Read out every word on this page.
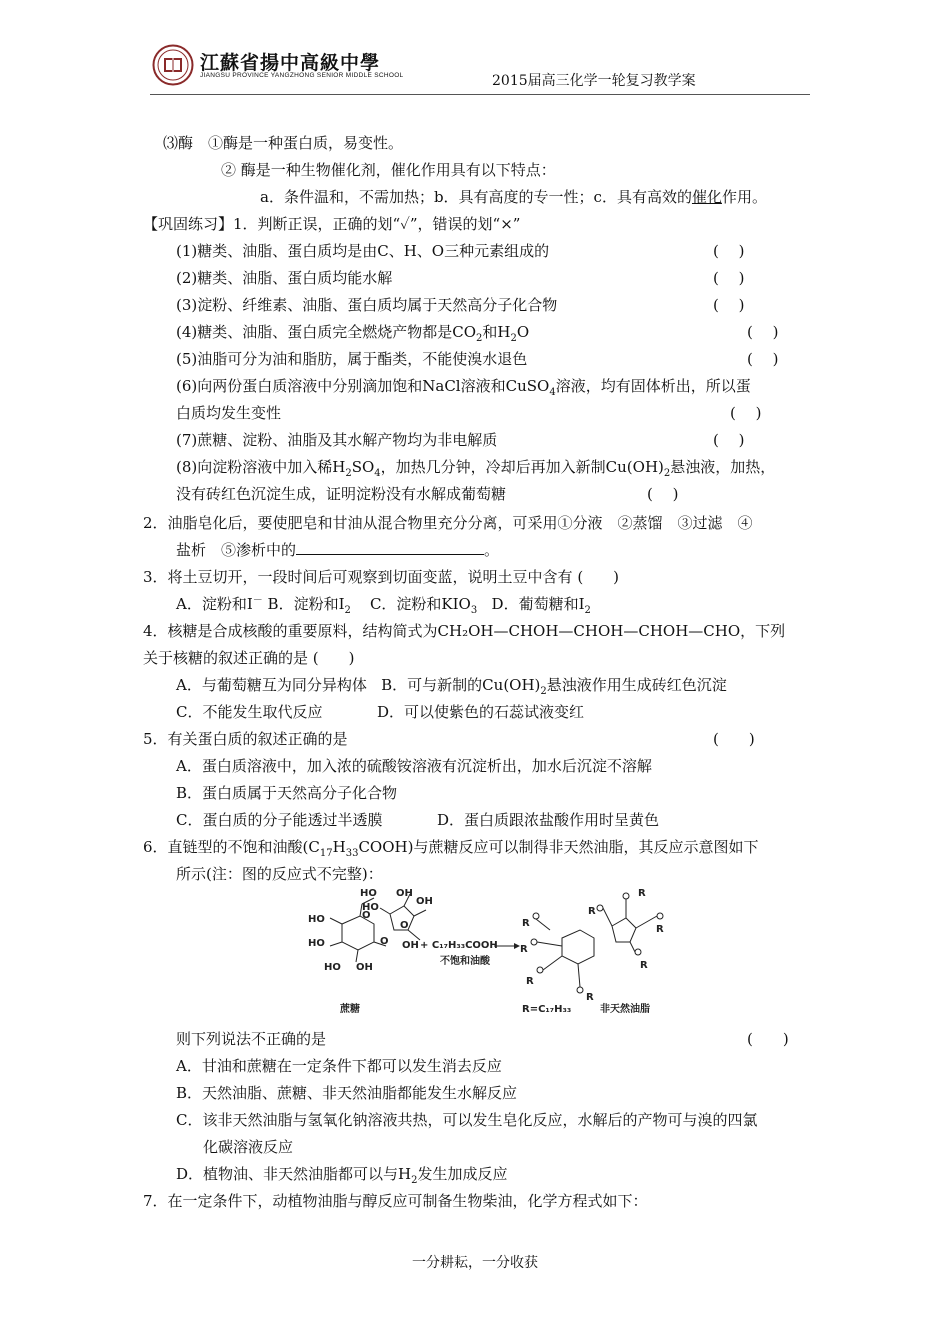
江蘇省揚中高級中學
JIANGSU PROVINCE YANGZHONG SENIOR MIDDLE SCHOOL	2015届高三化学一轮复习教学案
⑶酶　①酶是一种蛋白质，易变性。
② 酶是一种生物催化剂，催化作用具有以下特点：
a．条件温和，不需加热；b．具有高度的专一性；c．具有高效的催化作用。
【巩固练习】1．判断正误，正确的划“✓”，错误的划“×”
(1)糖类、油脂、蛋白质均是由C、H、O三种元素组成的	(　 )
(2)糖类、油脂、蛋白质均能水解	(　 )
(3)淀粉、纤维素、油脂、蛋白质均属于天然高分子化合物	(　 )
(4)糖类、油脂、蛋白质完全燃烧产物都是$CO_2$和$H_2O$	(　 )
(5)油脂可分为油和脂肪，属于酯类，不能使溴水退色	(　 )
(6)向两份蛋白质溶液中分别滴加饱和NaCl溶液和CuSO$_4$溶液，均有固体析出，所以蛋
白质均发生变性	(　 )
(7)蔗糖、淀粉、油脂及其水解产物均为非电解质	(　 )
(8)向淀粉溶液中加入稀$H_2SO_4$，加热几分钟，冷却后再加入新制$Cu(OH)_2$悬浊液，加热，
没有砖红色沉淀生成，证明淀粉没有水解成葡萄糖	(　 )
2．油脂皂化后，要使肥皂和甘油从混合物里充分分离，可采用①分液　②蒸馏　③过滤　④
盐析　⑤渗析中的	。
3．将土豆切开，一段时间后可观察到切面变蓝，说明土豆中含有 (　　)
A．淀粉和I－ B．淀粉和$I_2$ C．淀粉和$KIO_3$ D．葡萄糖和$I_2$
4．核糖是合成核酸的重要原料，结构简式为CH₂OH—CHOH—CHOH—CHOH—CHO，下列
关于核糖的叙述正确的是 (　　)
A．与葡萄糖互为同分异构体 B．可与新制的$Cu(OH)_2$悬浊液作用生成砖红色沉淀
C．不能发生取代反应	D．可以使紫色的石蕊试液变红
5．有关蛋白质的叙述正确的是	(　　)
A．蛋白质溶液中，加入浓的硫酸铵溶液有沉淀析出，加水后沉淀不溶解
B．蛋白质属于天然高分子化合物
C．蛋白质的分子能透过半透膜	D．蛋白质跟浓盐酸作用时呈黄色
6．直链型的不饱和油酸$(C_{17}H_{33}COOH)$与蔗糖反应可以制得非天然油脂，其反应示意图如下
所示(注：图的反应式不完整)：
HO
HO
HO OH
HO
O
O
HO
OH
OH
O
OH
蔗糖
+ C₁₇H₃₃COOH
不饱和油酸
R
R
R
R
R
R
R
R
R=C₁₇H₃₃	非天然油脂
则下列说法不正确的是	(　　)
A．甘油和蔗糖在一定条件下都可以发生消去反应
B．天然油脂、蔗糖、非天然油脂都能发生水解反应
C．该非天然油脂与氢氧化钠溶液共热，可以发生皂化反应，水解后的产物可与溴的四氯
化碳溶液反应
D．植物油、非天然油脂都可以与$H_2$发生加成反应
7．在一定条件下，动植物油脂与醇反应可制备生物柴油，化学方程式如下：
一分耕耘，一分收获
